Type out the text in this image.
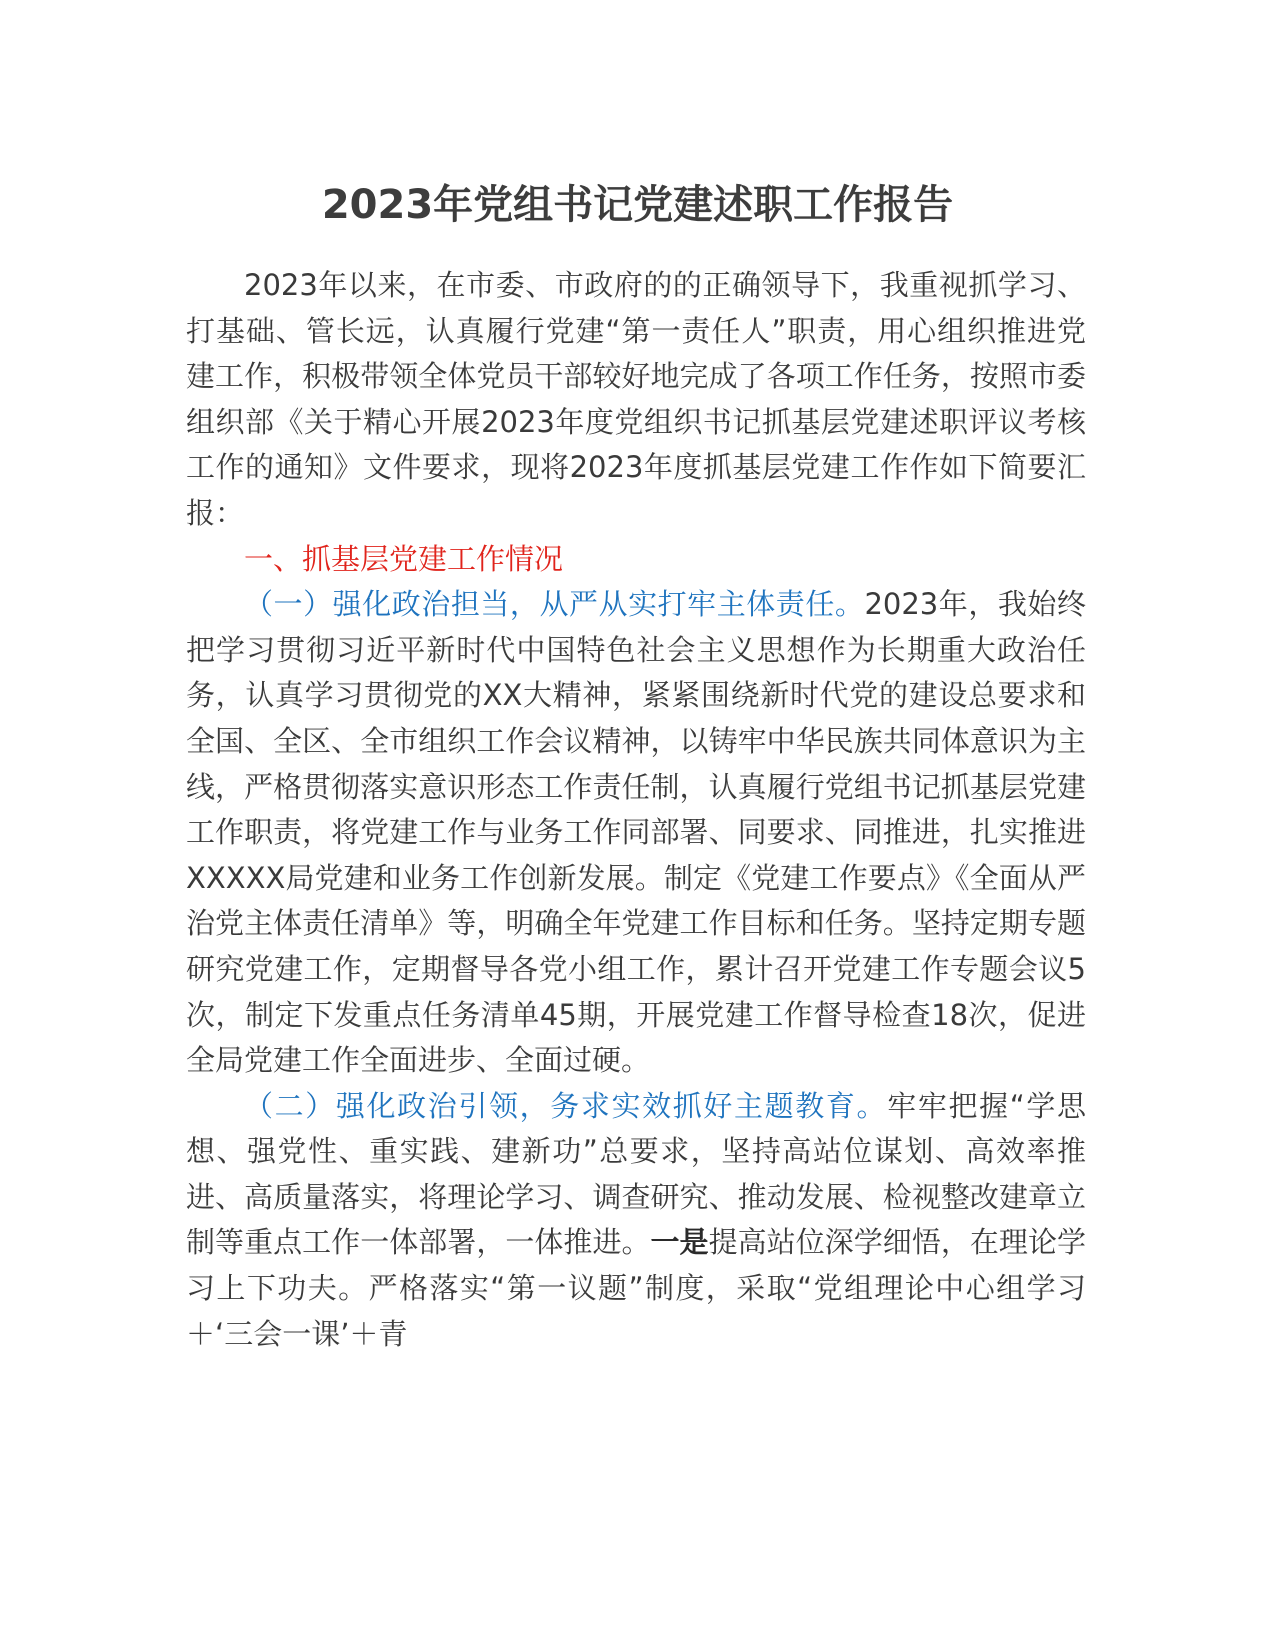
2023年党组书记党建述职工作报告

2023年以来，在市委、市政府的的正确领导下，我重视抓学习、打基础、管长远，认真履行党建“第一责任人”职责，用心组织推进党建工作，积极带领全体党员干部较好地完成了各项工作任务，按照市委组织部《关于精心开展2023年度党组织书记抓基层党建述职评议考核工作的通知》文件要求，现将2023年度抓基层党建工作作如下简要汇报：

一、抓基层党建工作情况

（一）强化政治担当，从严从实打牢主体责任。2023年，我始终把学习贯彻习近平新时代中国特色社会主义思想作为长期重大政治任务，认真学习贯彻党的XX大精神，紧紧围绕新时代党的建设总要求和全国、全区、全市组织工作会议精神，以铸牢中华民族共同体意识为主线，严格贯彻落实意识形态工作责任制，认真履行党组书记抓基层党建工作职责，将党建工作与业务工作同部署、同要求、同推进，扎实推进XXXXX局党建和业务工作创新发展。制定《党建工作要点》《全面从严治党主体责任清单》等，明确全年党建工作目标和任务。坚持定期专题研究党建工作，定期督导各党小组工作，累计召开党建工作专题会议5次，制定下发重点任务清单45期，开展党建工作督导检查18次，促进全局党建工作全面进步、全面过硬。

（二）强化政治引领，务求实效抓好主题教育。牢牢把握“学思想、强党性、重实践、建新功”总要求，坚持高站位谋划、高效率推进、高质量落实，将理论学习、调查研究、推动发展、检视整改建章立制等重点工作一体部署，一体推进。一是提高站位深学细悟，在理论学习上下功夫。严格落实“第一议题”制度，采取“党组理论中心组学习＋‘三会一课’＋青
